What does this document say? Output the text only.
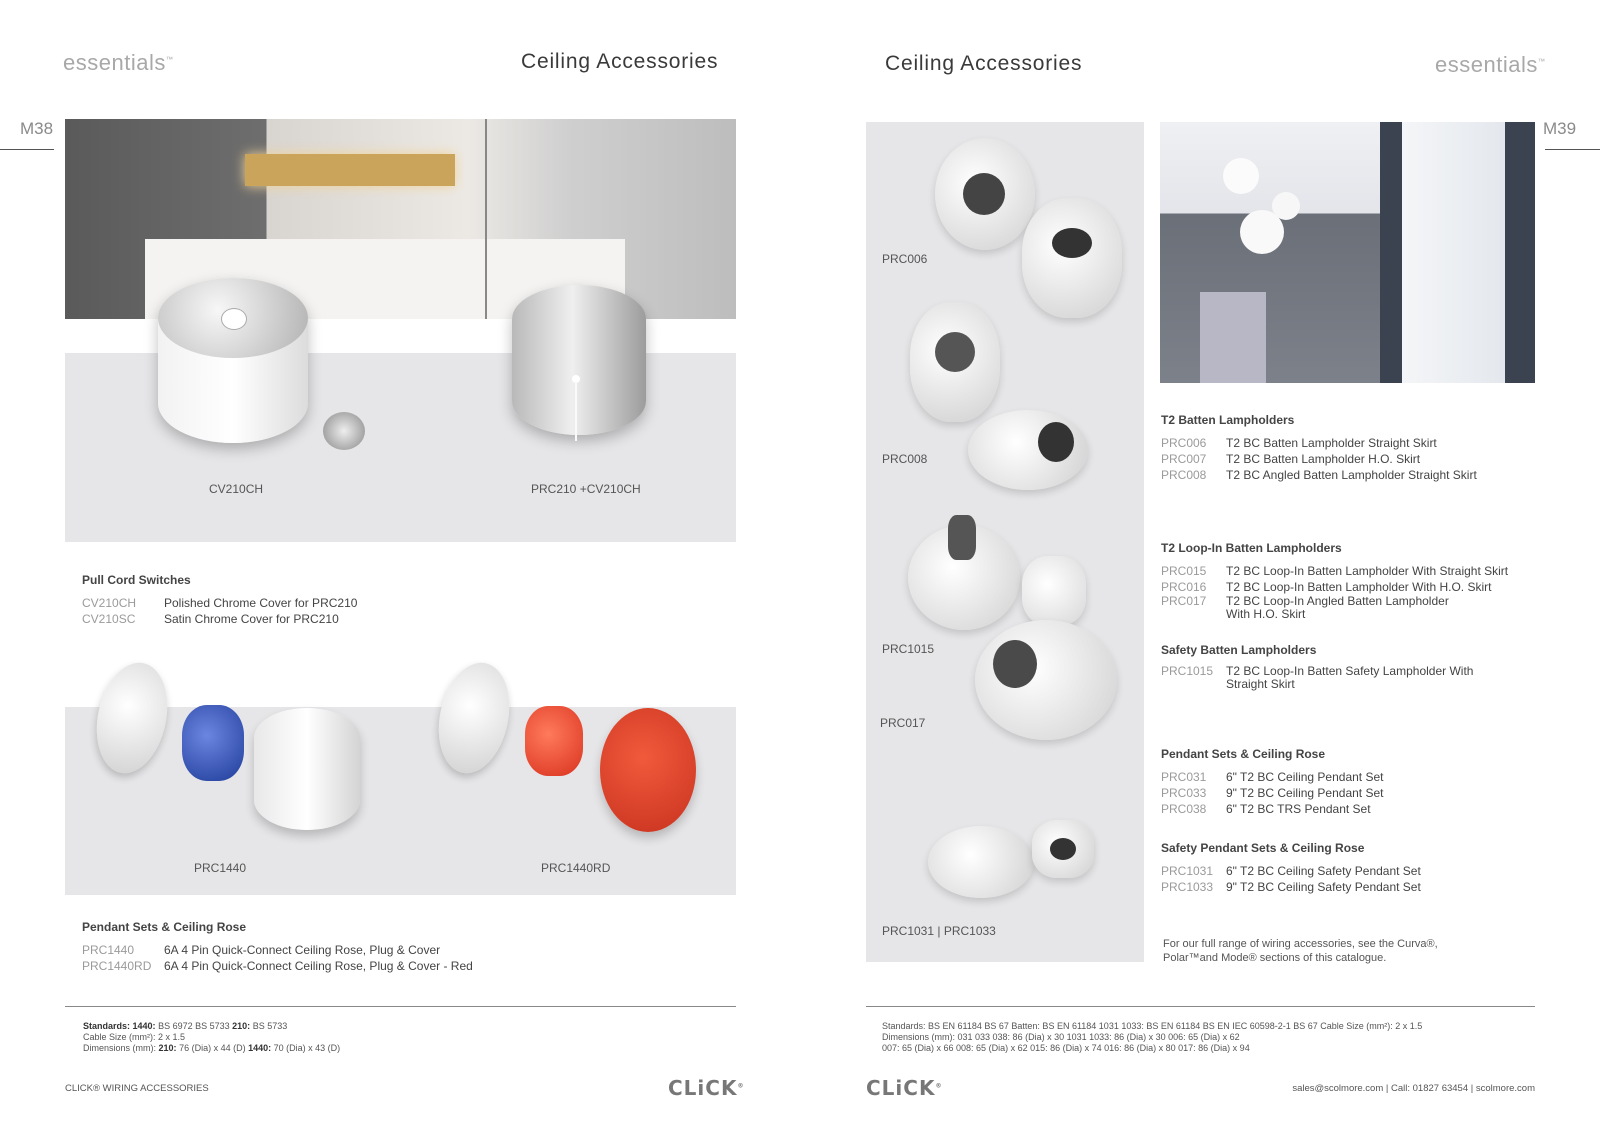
essentials™	Ceiling Accessories
M38
CV210CH	PRC210 +CV210CH
Pull Cord Switches
CV210CH	Polished Chrome Cover for PRC210
CV210SC	Satin Chrome Cover for PRC210
PRC1440	PRC1440RD
Pendant Sets & Ceiling Rose
PRC1440	6A 4 Pin Quick-Connect Ceiling Rose, Plug & Cover
PRC1440RD	6A 4 Pin Quick-Connect Ceiling Rose, Plug & Cover - Red
Standards: 1440: BS 6972 BS 5733 210: BS 5733
Cable Size (mm²): 2 x 1.5
Dimensions (mm): 210: 76 (Dia) x 44 (D) 1440: 70 (Dia) x 43 (D)
CLICK® WIRING ACCESSORIES	CLiCK®
Ceiling Accessories	essentials™
M39
PRC006
PRC008
PRC1015
PRC017
PRC1031 | PRC1033
T2 Batten Lampholders
PRC006	T2 BC Batten Lampholder Straight Skirt
PRC007	T2 BC Batten Lampholder H.O. Skirt
PRC008	T2 BC Angled Batten Lampholder Straight Skirt
T2 Loop-In Batten Lampholders
PRC015	T2 BC Loop-In Batten Lampholder With Straight Skirt
PRC016	T2 BC Loop-In Batten Lampholder With H.O. Skirt
PRC017	T2 BC Loop-In Angled Batten Lampholder
With H.O. Skirt
Safety Batten Lampholders
PRC1015	T2 BC Loop-In Batten Safety Lampholder With
Straight Skirt
Pendant Sets & Ceiling Rose
PRC031	6" T2 BC Ceiling Pendant Set
PRC033	9" T2 BC Ceiling Pendant Set
PRC038	6" T2 BC TRS Pendant Set
Safety Pendant Sets & Ceiling Rose
PRC1031	6" T2 BC Ceiling Safety Pendant Set
PRC1033	9" T2 BC Ceiling Safety Pendant Set
For our full range of wiring accessories, see the Curva®,
Polar™and Mode® sections of this catalogue.
Standards: BS EN 61184 BS 67 Batten: BS EN 61184 1031 1033: BS EN 61184 BS EN IEC 60598-2-1 BS 67 Cable Size (mm²): 2 x 1.5
Dimensions (mm): 031 033 038: 86 (Dia) x 30 1031 1033: 86 (Dia) x 30 006: 65 (Dia) x 62
007: 65 (Dia) x 66 008: 65 (Dia) x 62 015: 86 (Dia) x 74 016: 86 (Dia) x 80 017: 86 (Dia) x 94
CLiCK®	sales@scolmore.com | Call: 01827 63454 | scolmore.com
